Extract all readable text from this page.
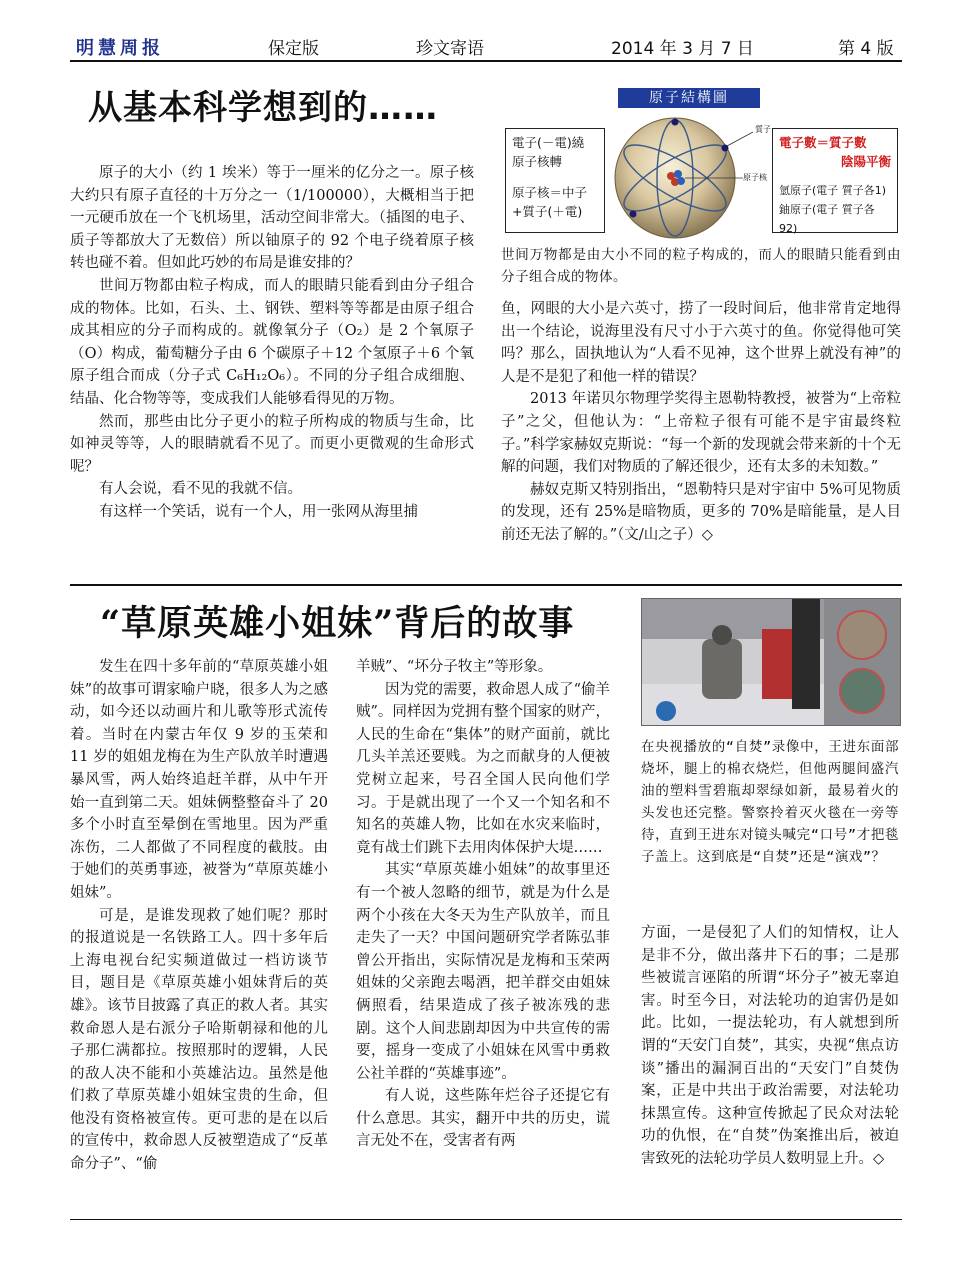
明慧周报	保定版	珍文寄语	2014 年 3 月 7 日	第 4 版
从基本科学想到的……

原子的大小（约 1 埃米）等于一厘米的亿分之一。原子核大约只有原子直径的十万分之一（1/100000），大概相当于把一元硬币放在一个飞机场里，活动空间非常大。（插图的电子、质子等都放大了无数倍）所以铀原子的 92 个电子绕着原子核转也碰不着。但如此巧妙的布局是谁安排的？

世间万物都由粒子构成，而人的眼睛只能看到由分子组合成的物体。比如，石头、土、钢铁、塑料等等都是由原子组合成其相应的分子而构成的。就像氧分子（O₂）是 2 个氧原子（O）构成，葡萄糖分子由 6 个碳原子＋12 个氢原子＋6 个氧原子组合而成（分子式 C₆H₁₂O₆）。不同的分子组合成细胞、结晶、化合物等等，变成我们人能够看得见的万物。

然而，那些由比分子更小的粒子所构成的物质与生命，比如神灵等等，人的眼睛就看不见了。而更小更微观的生命形式呢？

有人会说，看不见的我就不信。

有这样一个笑话，说有一个人，用一张网从海里捕

質子
原子核
原子結構圖
電子(－電)繞
原子核轉
原子核＝中子
+質子(＋電)
電子數＝質子數
陰陽平衡
氫原子(電子 質子各1)
鈾原子(電子 質子各92)
世间万物都是由大小不同的粒子构成的，而人的眼睛只能看到由分子组合成的物体。

鱼，网眼的大小是六英寸，捞了一段时间后，他非常肯定地得出一个结论，说海里没有尺寸小于六英寸的鱼。你觉得他可笑吗？那么，固执地认为“人看不见神，这个世界上就没有神”的人是不是犯了和他一样的错误？

2013 年诺贝尔物理学奖得主恩勒特教授，被誉为“上帝粒子”之父，但他认为：“上帝粒子很有可能不是宇宙最终粒子。”科学家赫奴克斯说：“每一个新的发现就会带来新的十个无解的问题，我们对物质的了解还很少，还有太多的未知数。”

赫奴克斯又特别指出，“恩勒特只是对宇宙中 5%可见物质的发现，还有 25%是暗物质，更多的 70%是暗能量，是人目前还无法了解的。”（文/山之子）◇

“草原英雄小姐妹”背后的故事

发生在四十多年前的“草原英雄小姐妹”的故事可谓家喻户晓，很多人为之感动，如今还以动画片和儿歌等形式流传着。当时在内蒙古年仅 9 岁的玉荣和 11 岁的姐姐龙梅在为生产队放羊时遭遇暴风雪，两人始终追赶羊群，从中午开始一直到第二天。姐妹俩整整奋斗了 20 多个小时直至晕倒在雪地里。因为严重冻伤，二人都做了不同程度的截肢。由于她们的英勇事迹，被誉为“草原英雄小姐妹”。

可是，是谁发现救了她们呢？那时的报道说是一名铁路工人。四十多年后上海电视台纪实频道做过一档访谈节目，题目是《草原英雄小姐妹背后的英雄》。该节目披露了真正的救人者。其实救命恩人是右派分子哈斯朝禄和他的儿子那仁满都拉。按照那时的逻辑，人民的敌人决不能和小英雄沾边。虽然是他们救了草原英雄小姐妹宝贵的生命，但他没有资格被宣传。更可悲的是在以后的宣传中，救命恩人反被塑造成了“反革命分子”、“偷

羊贼”、“坏分子牧主”等形象。

因为党的需要，救命恩人成了“偷羊贼”。同样因为党拥有整个国家的财产，人民的生命在“集体”的财产面前，就比几头羊羔还要贱。为之而献身的人便被党树立起来，号召全国人民向他们学习。于是就出现了一个又一个知名和不知名的英雄人物，比如在水灾来临时，竟有战士们跳下去用肉体保护大堤……

其实“草原英雄小姐妹”的故事里还有一个被人忽略的细节，就是为什么是两个小孩在大冬天为生产队放羊，而且走失了一天？中国问题研究学者陈弘菲曾公开指出，实际情况是龙梅和玉荣两姐妹的父亲跑去喝酒，把羊群交由姐妹俩照看，结果造成了孩子被冻残的悲剧。这个人间悲剧却因为中共宣传的需要，摇身一变成了小姐妹在风雪中勇救公社羊群的“英雄事迹”。

有人说，这些陈年烂谷子还提它有什么意思。其实，翻开中共的历史，谎言无处不在，受害者有两

在央视播放的“自焚”录像中，王进东面部烧坏，腿上的棉衣烧烂，但他两腿间盛汽油的塑料雪碧瓶却翠绿如新，最易着火的头发也还完整。警察拎着灭火毯在一旁等待，直到王进东对镜头喊完“口号”才把毯子盖上。这到底是“自焚”还是“演戏”？

方面，一是侵犯了人们的知情权，让人是非不分，做出落井下石的事；二是那些被谎言诬陷的所谓“坏分子”被无辜迫害。时至今日，对法轮功的迫害仍是如此。比如，一提法轮功，有人就想到所谓的“天安门自焚”，其实，央视“焦点访谈”播出的漏洞百出的“天安门”自焚伪案，正是中共出于政治需要，对法轮功抹黑宣传。这种宣传掀起了民众对法轮功的仇恨，在“自焚”伪案推出后，被迫害致死的法轮功学员人数明显上升。◇
